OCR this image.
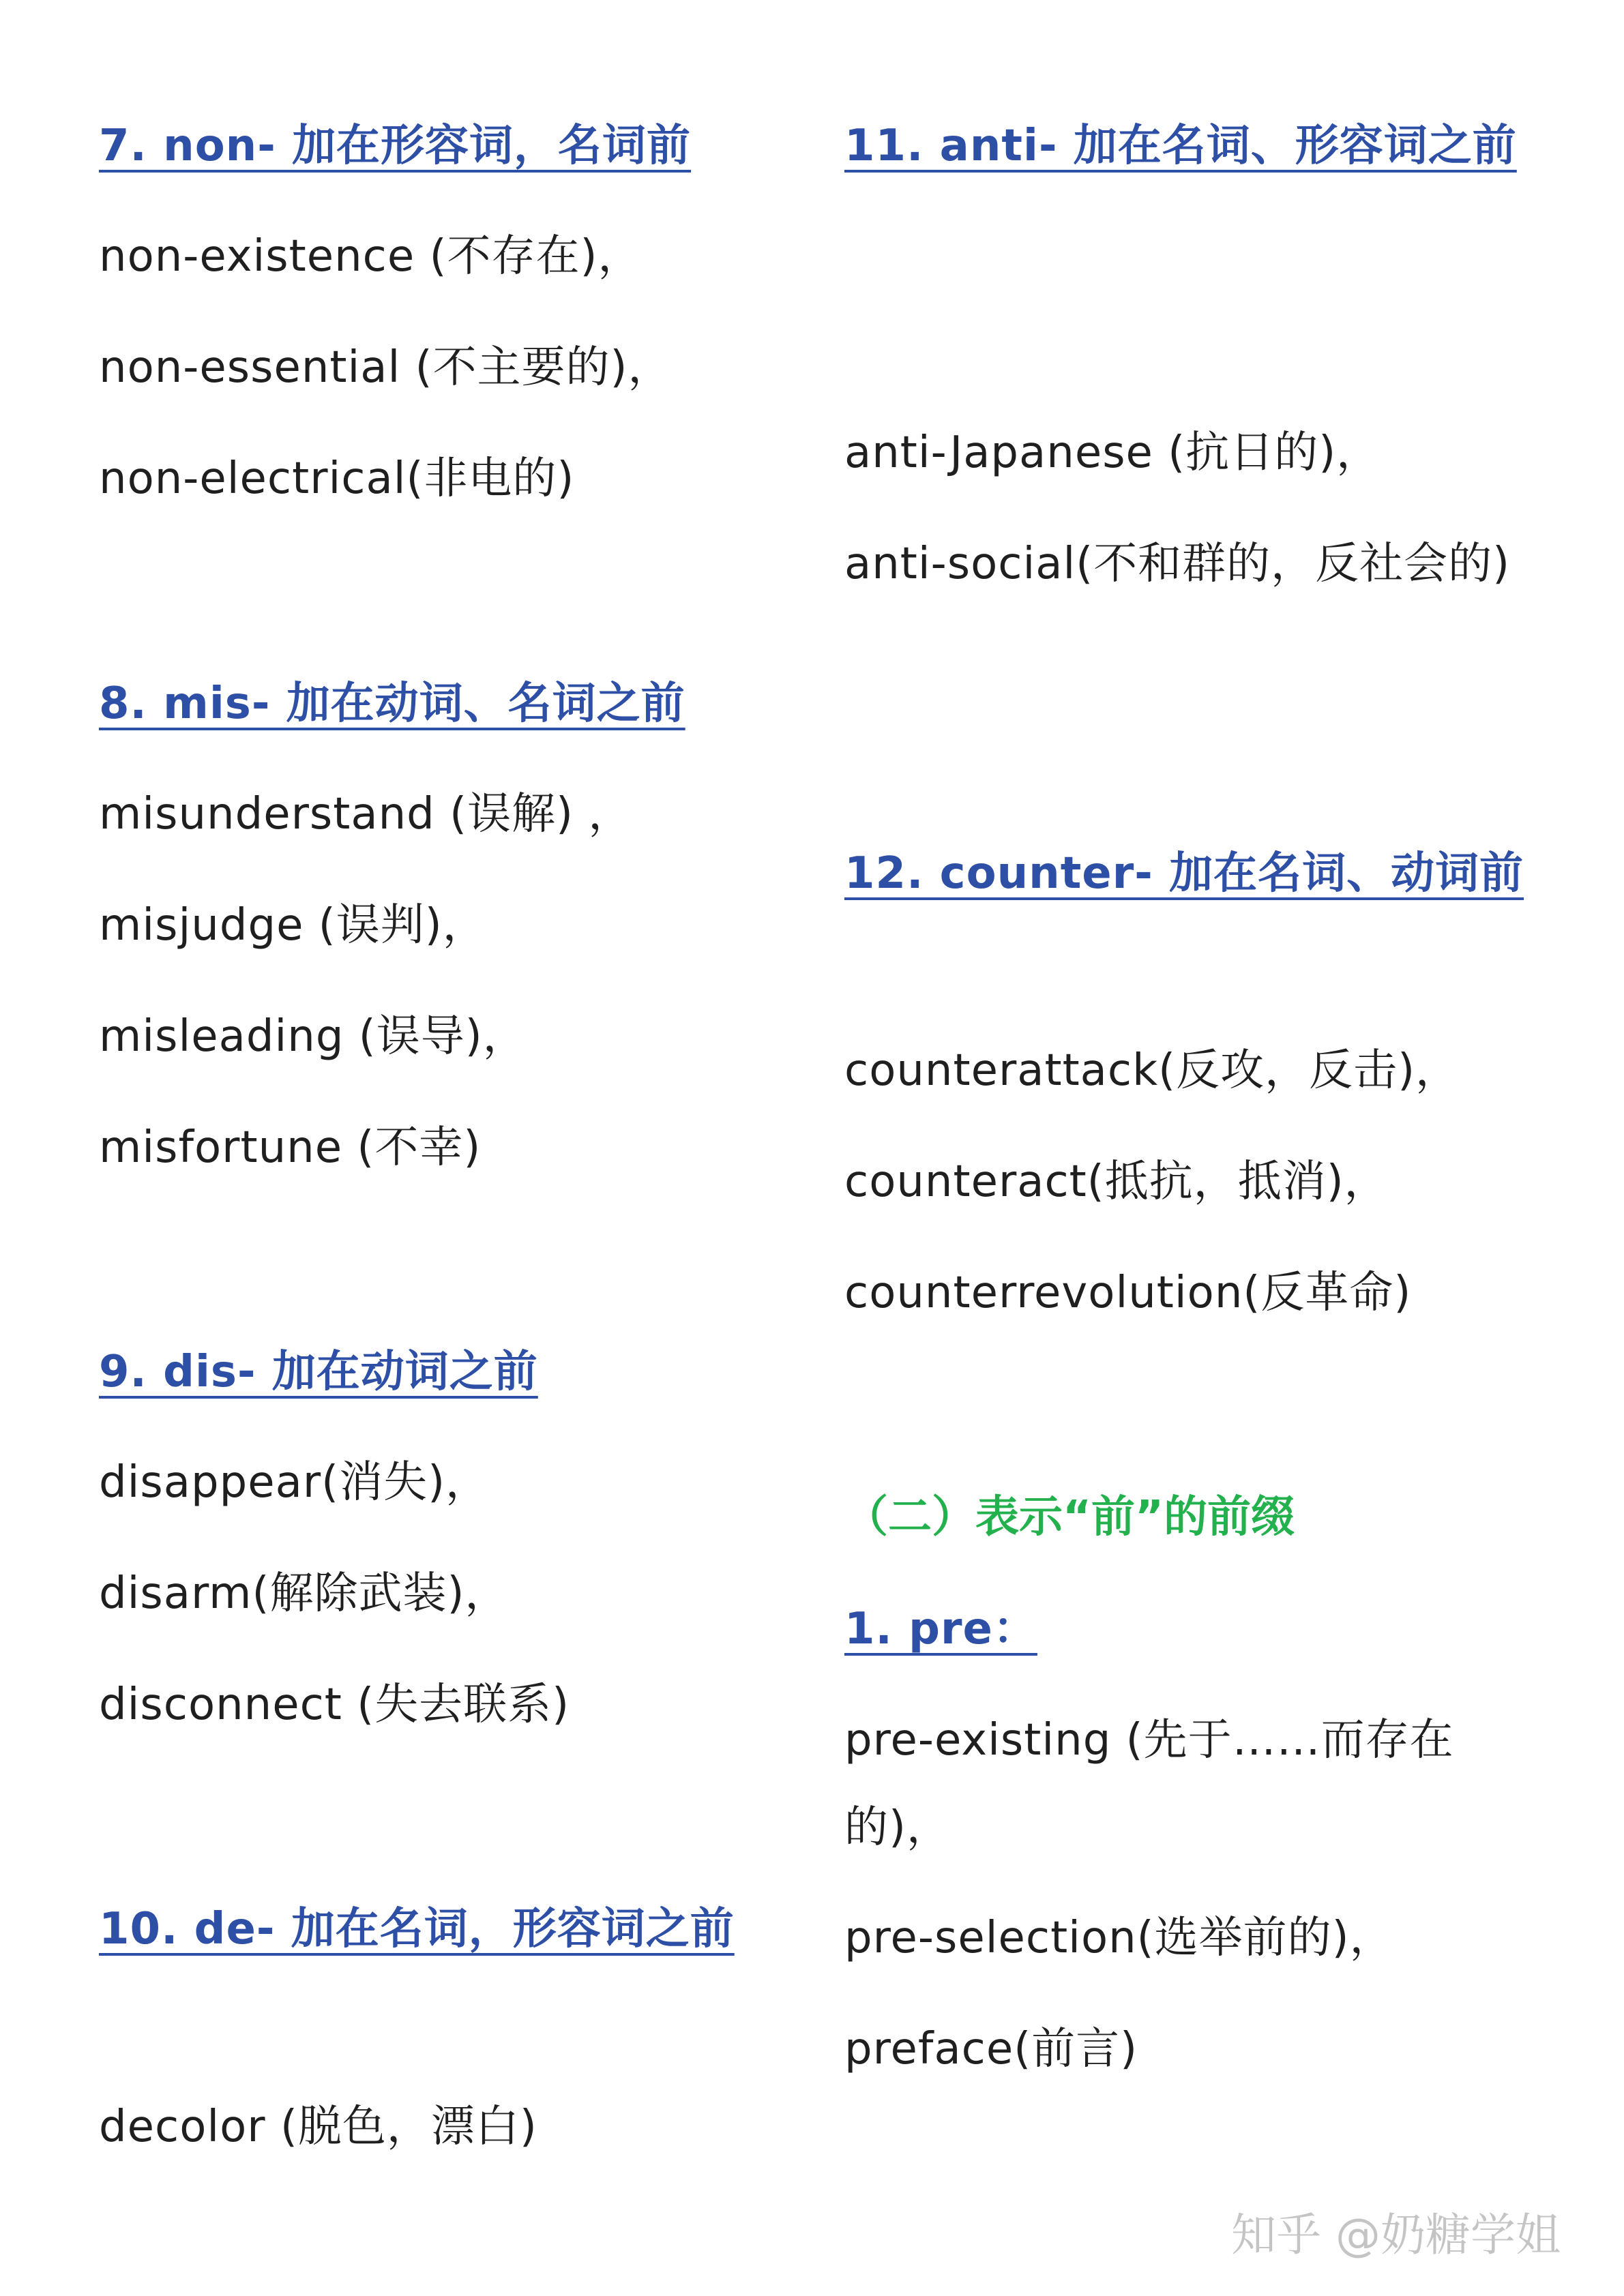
7. non- 加在形容词，名词前
non-existence (不存在)，
non-essential (不主要的)，
non-electrical(非电的)
8. mis- 加在动词、名词之前
misunderstand (误解) ，
misjudge (误判)，
misleading (误导)，
misfortune (不幸)
9. dis- 加在动词之前
disappear(消失)，
disarm(解除武装)，
disconnect (失去联系)
10. de- 加在名词，形容词之前
decolor (脱色，漂白)
11. anti- 加在名词、形容词之前
anti-Japanese (抗日的)，
anti-social(不和群的，反社会的)
12. counter- 加在名词、动词前
counterattack(反攻，反击)，
counteract(抵抗，抵消)，
counterrevolution(反革命)
（二）表示“前”的前缀
1. pre：
pre-existing (先于……而存在的)，
pre-selection(选举前的)，
preface(前言)
知乎 @奶糖学姐
